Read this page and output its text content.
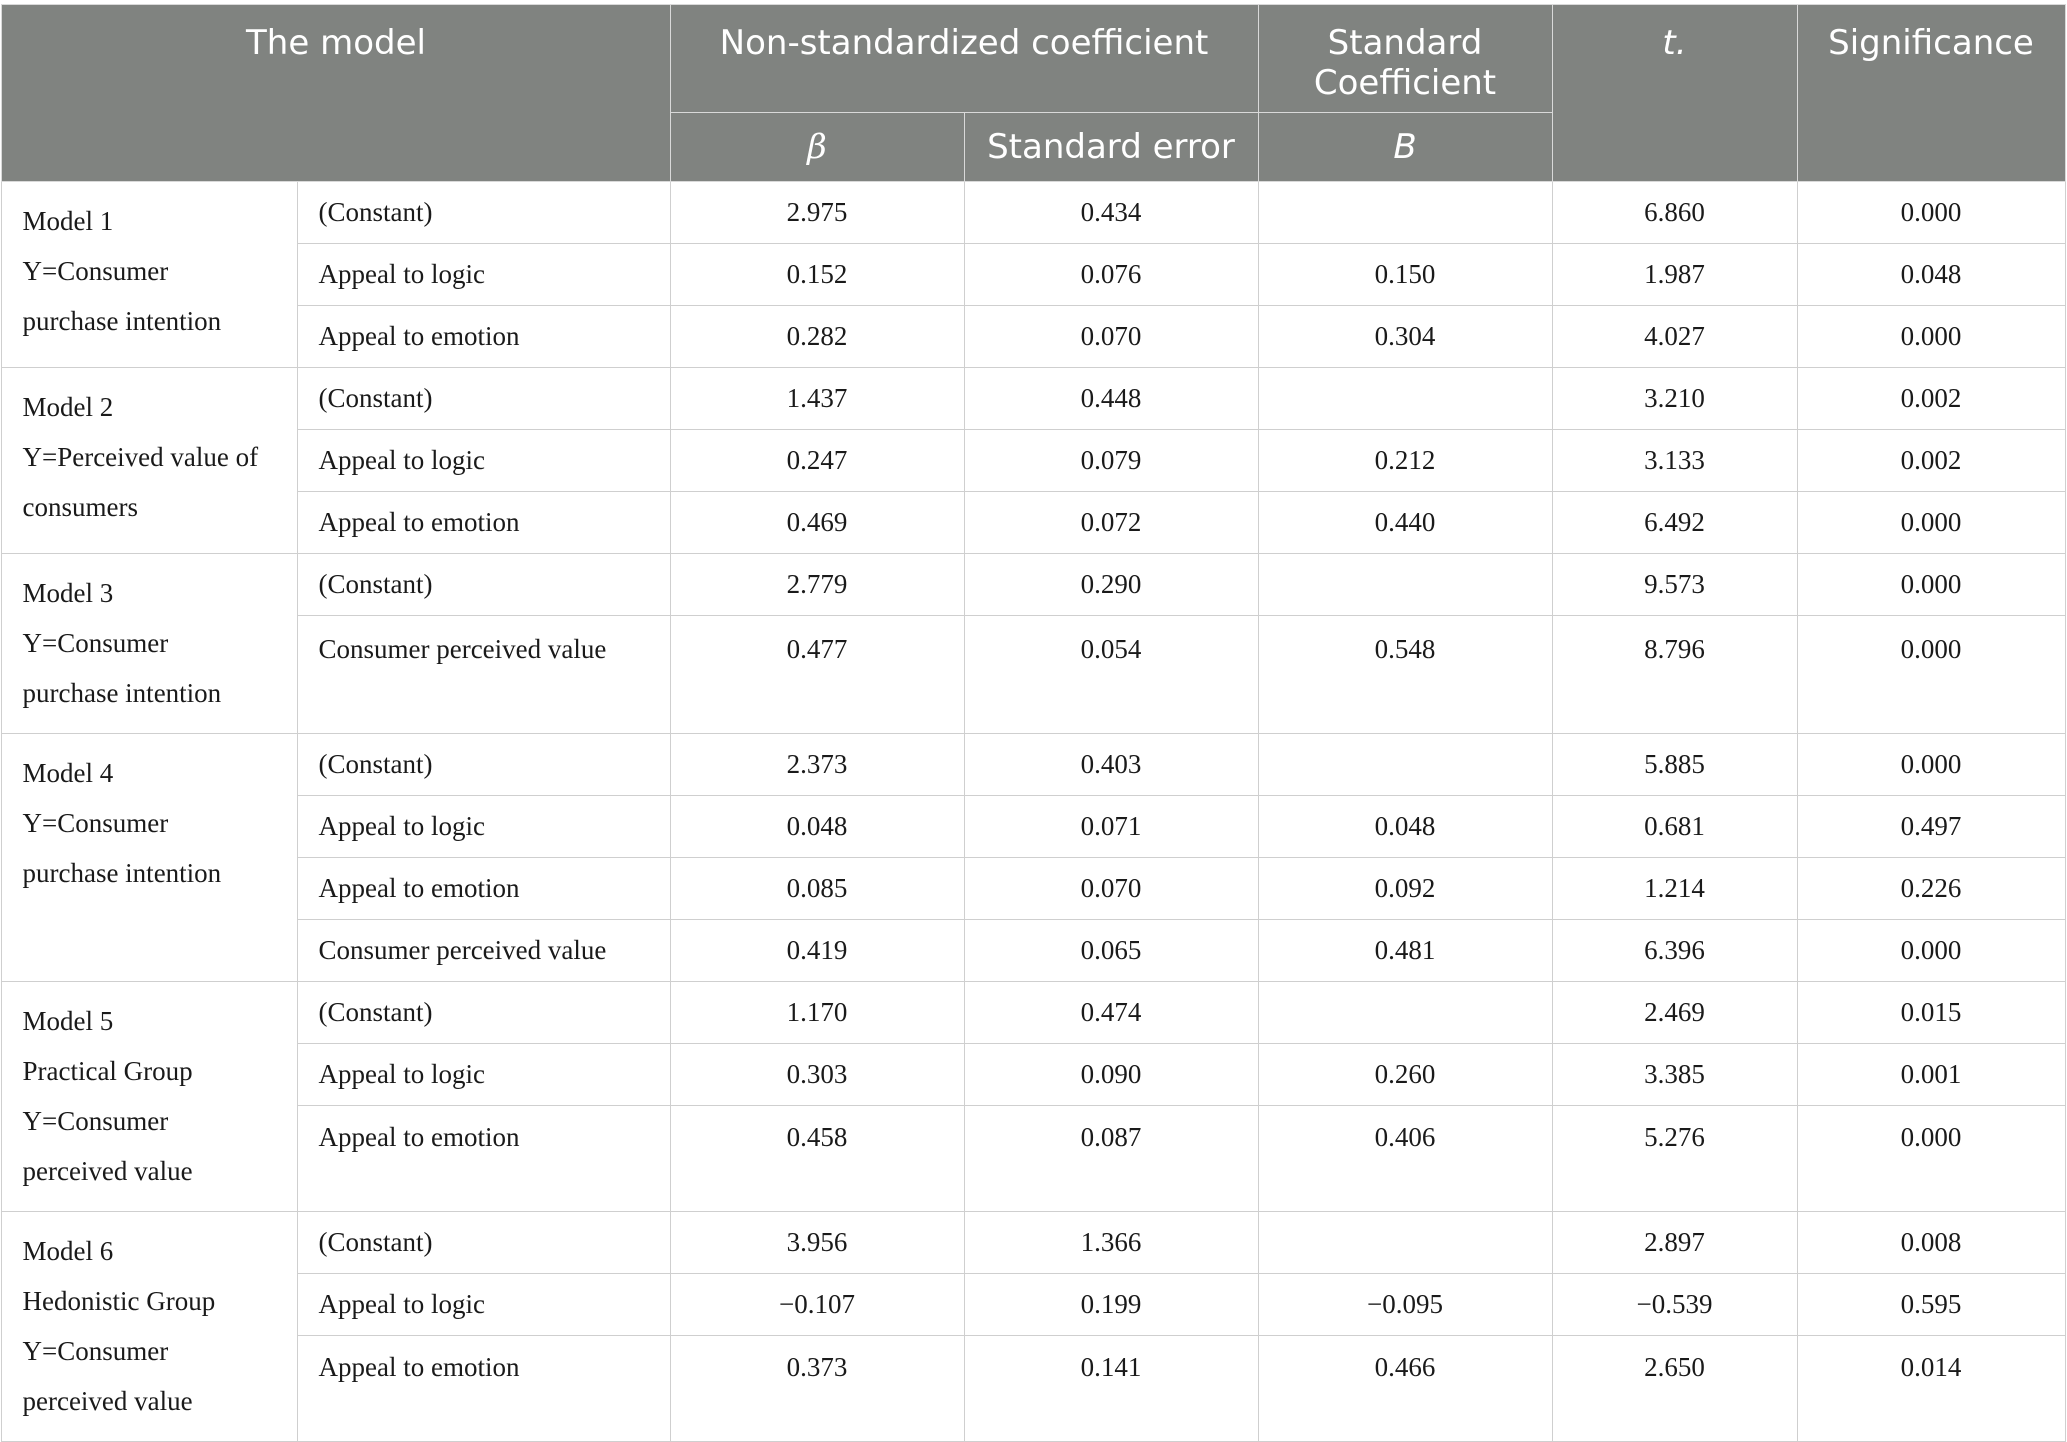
The model		Non-standardized coefficient		Standard Coefficient	t.	Significance
		β	Standard error	B		

Model 1
Y=Consumer
purchase intention	(Constant)	2.975	0.434		6.860	0.000
	Appeal to logic	0.152	0.076	0.150	1.987	0.048
	Appeal to emotion	0.282	0.070	0.304	4.027	0.000

Model 2
Y=Perceived value of
consumers	(Constant)	1.437	0.448		3.210	0.002
	Appeal to logic	0.247	0.079	0.212	3.133	0.002
	Appeal to emotion	0.469	0.072	0.440	6.492	0.000

Model 3
Y=Consumer
purchase intention	(Constant)	2.779	0.290		9.573	0.000
	Consumer perceived value	0.477	0.054	0.548	8.796	0.000

Model 4
Y=Consumer
purchase intention	(Constant)	2.373	0.403		5.885	0.000
	Appeal to logic	0.048	0.071	0.048	0.681	0.497
	Appeal to emotion	0.085	0.070	0.092	1.214	0.226
	Consumer perceived value	0.419	0.065	0.481	6.396	0.000

Model 5
Practical Group
Y=Consumer
perceived value	(Constant)	1.170	0.474		2.469	0.015
	Appeal to logic	0.303	0.090	0.260	3.385	0.001
	Appeal to emotion	0.458	0.087	0.406	5.276	0.000

Model 6
Hedonistic Group
Y=Consumer
perceived value	(Constant)	3.956	1.366		2.897	0.008
	Appeal to logic	−0.107	0.199	−0.095	−0.539	0.595
	Appeal to emotion	0.373	0.141	0.466	2.650	0.014
